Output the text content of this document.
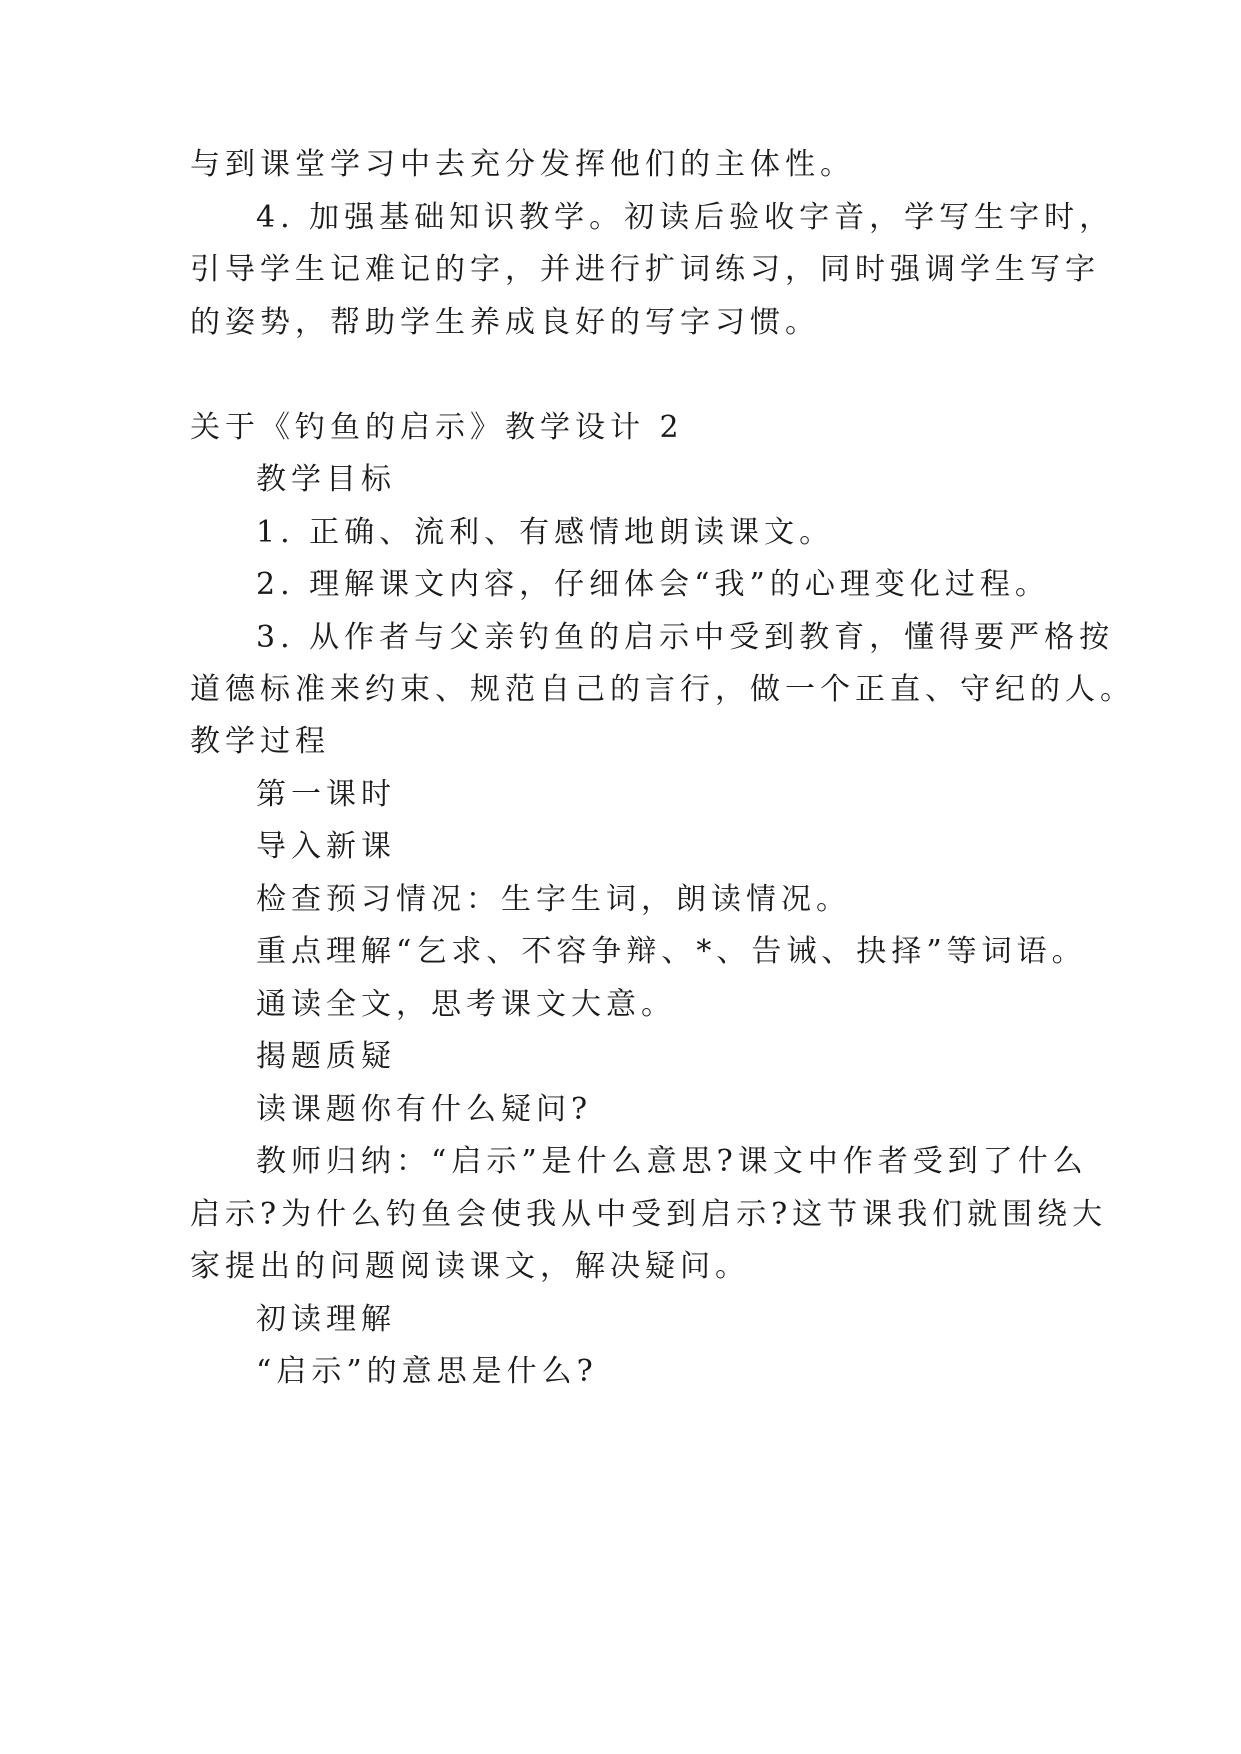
与到课堂学习中去充分发挥他们的主体性。
4. 加强基础知识教学。初读后验收字音，学写生字时，
引导学生记难记的字，并进行扩词练习，同时强调学生写字
的姿势，帮助学生养成良好的写字习惯。
关于《钓鱼的启示》教学设计 2
教学目标
1. 正确、流利、有感情地朗读课文。
2. 理解课文内容，仔细体会“我”的心理变化过程。
3. 从作者与父亲钓鱼的启示中受到教育，懂得要严格按
道德标准来约束、规范自己的言行，做一个正直、守纪的人。
教学过程
第一课时
导入新课
检查预习情况：生字生词，朗读情况。
重点理解“乞求、不容争辩、*、告诫、抉择”等词语。
通读全文，思考课文大意。
揭题质疑
读课题你有什么疑问?
教师归纳：“启示”是什么意思?课文中作者受到了什么
启示?为什么钓鱼会使我从中受到启示?这节课我们就围绕大
家提出的问题阅读课文，解决疑问。
初读理解
“启示”的意思是什么?
